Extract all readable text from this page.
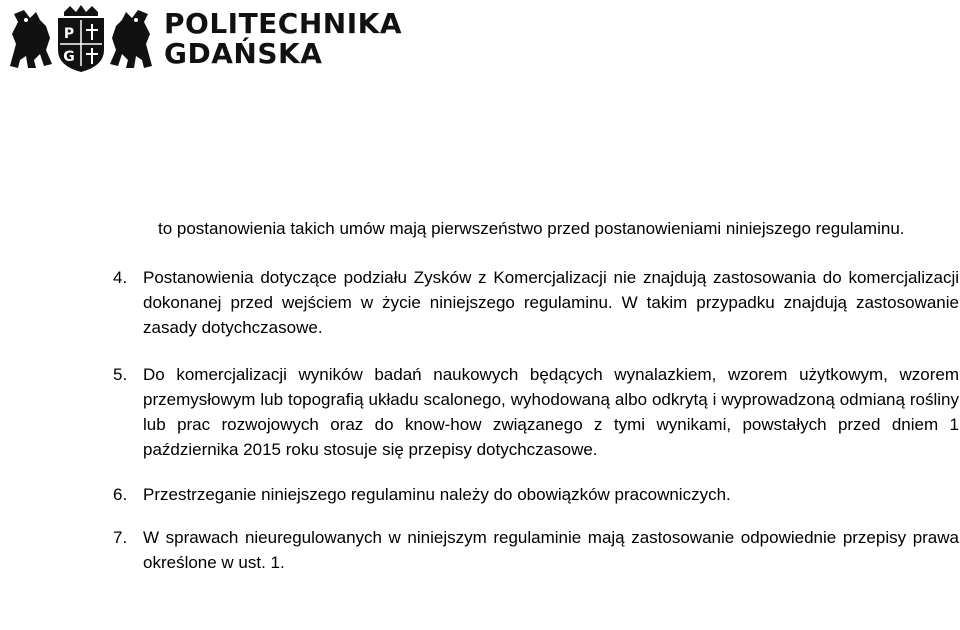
P
G
POLITECHNIKA
GDAŃSKA
to postanowienia takich umów mają pierwszeństwo przed postanowieniami niniejszego regulaminu.
4. Postanowienia dotyczące podziału Zysków z Komercjalizacji nie znajdują zastosowania do komercjalizacji dokonanej przed wejściem w życie niniejszego regulaminu. W takim przypadku znajdują zastosowanie zasady dotychczasowe.
5. Do komercjalizacji wyników badań naukowych będących wynalazkiem, wzorem użytkowym, wzorem przemysłowym lub topografią układu scalonego, wyhodowaną albo odkrytą i wyprowadzoną odmianą rośliny lub prac rozwojowych oraz do know-how związanego z tymi wynikami, powstałych przed dniem 1 października 2015 roku stosuje się przepisy dotychczasowe.
6. Przestrzeganie niniejszego regulaminu należy do obowiązków pracowniczych.
7. W sprawach nieuregulowanych w niniejszym regulaminie mają zastosowanie odpowiednie przepisy prawa określone w ust. 1.
